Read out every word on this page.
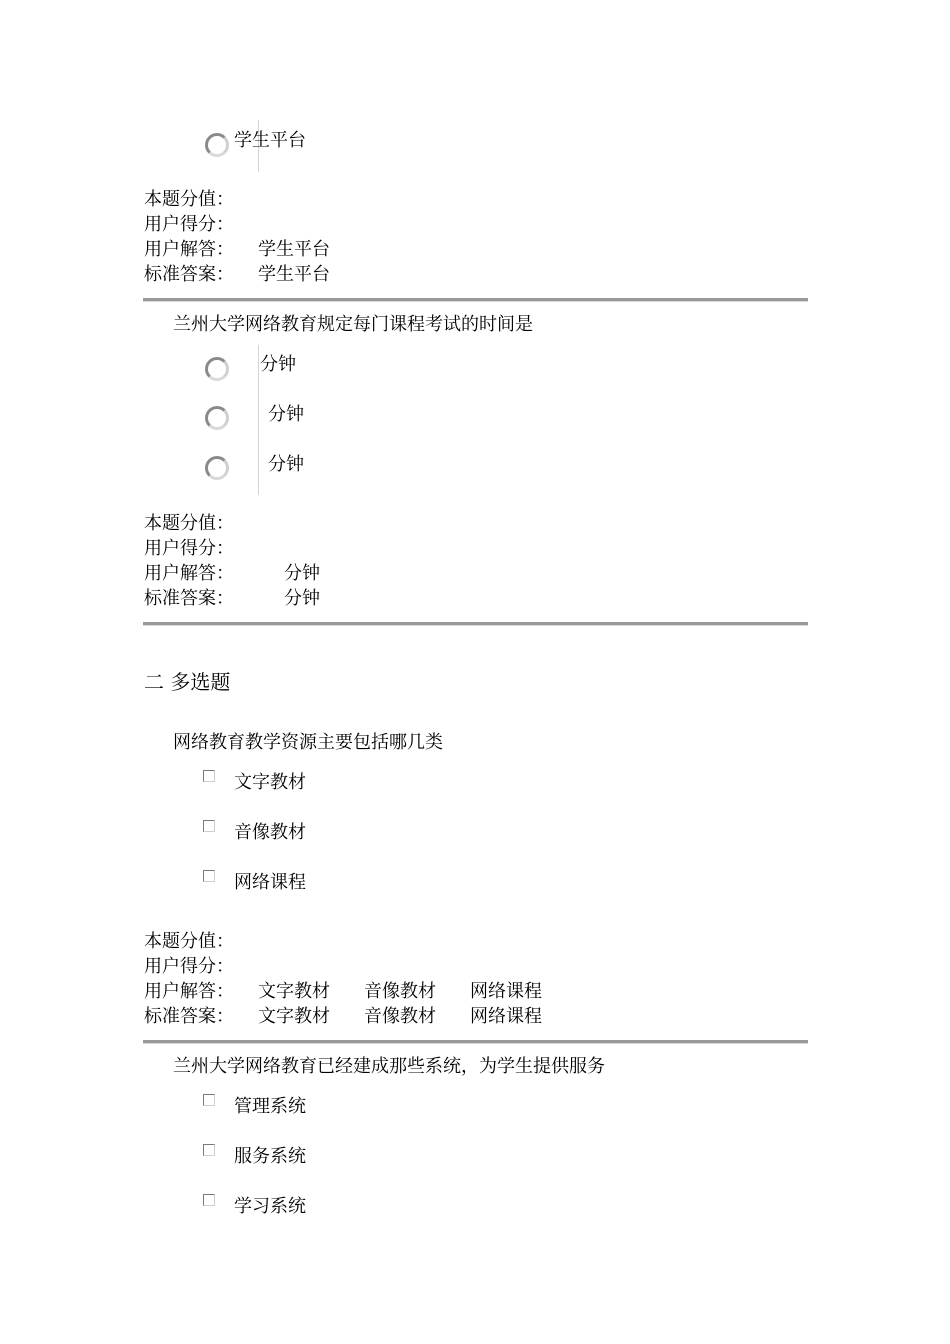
学生平台
本题分值：
用户得分：
用户解答： 学生平台
标准答案： 学生平台
兰州大学网络教育规定每门课程考试的时间是
分钟
分钟
分钟
本题分值：
用户得分：
用户解答：	分钟
标准答案：	分钟
二 多选题
网络教育教学资源主要包括哪几类
文字教材
音像教材
网络课程
本题分值：
用户得分：
用户解答： 文字教材 音像教材 网络课程
标准答案： 文字教材 音像教材 网络课程
兰州大学网络教育已经建成那些系统，为学生提供服务
管理系统
服务系统
学习系统
